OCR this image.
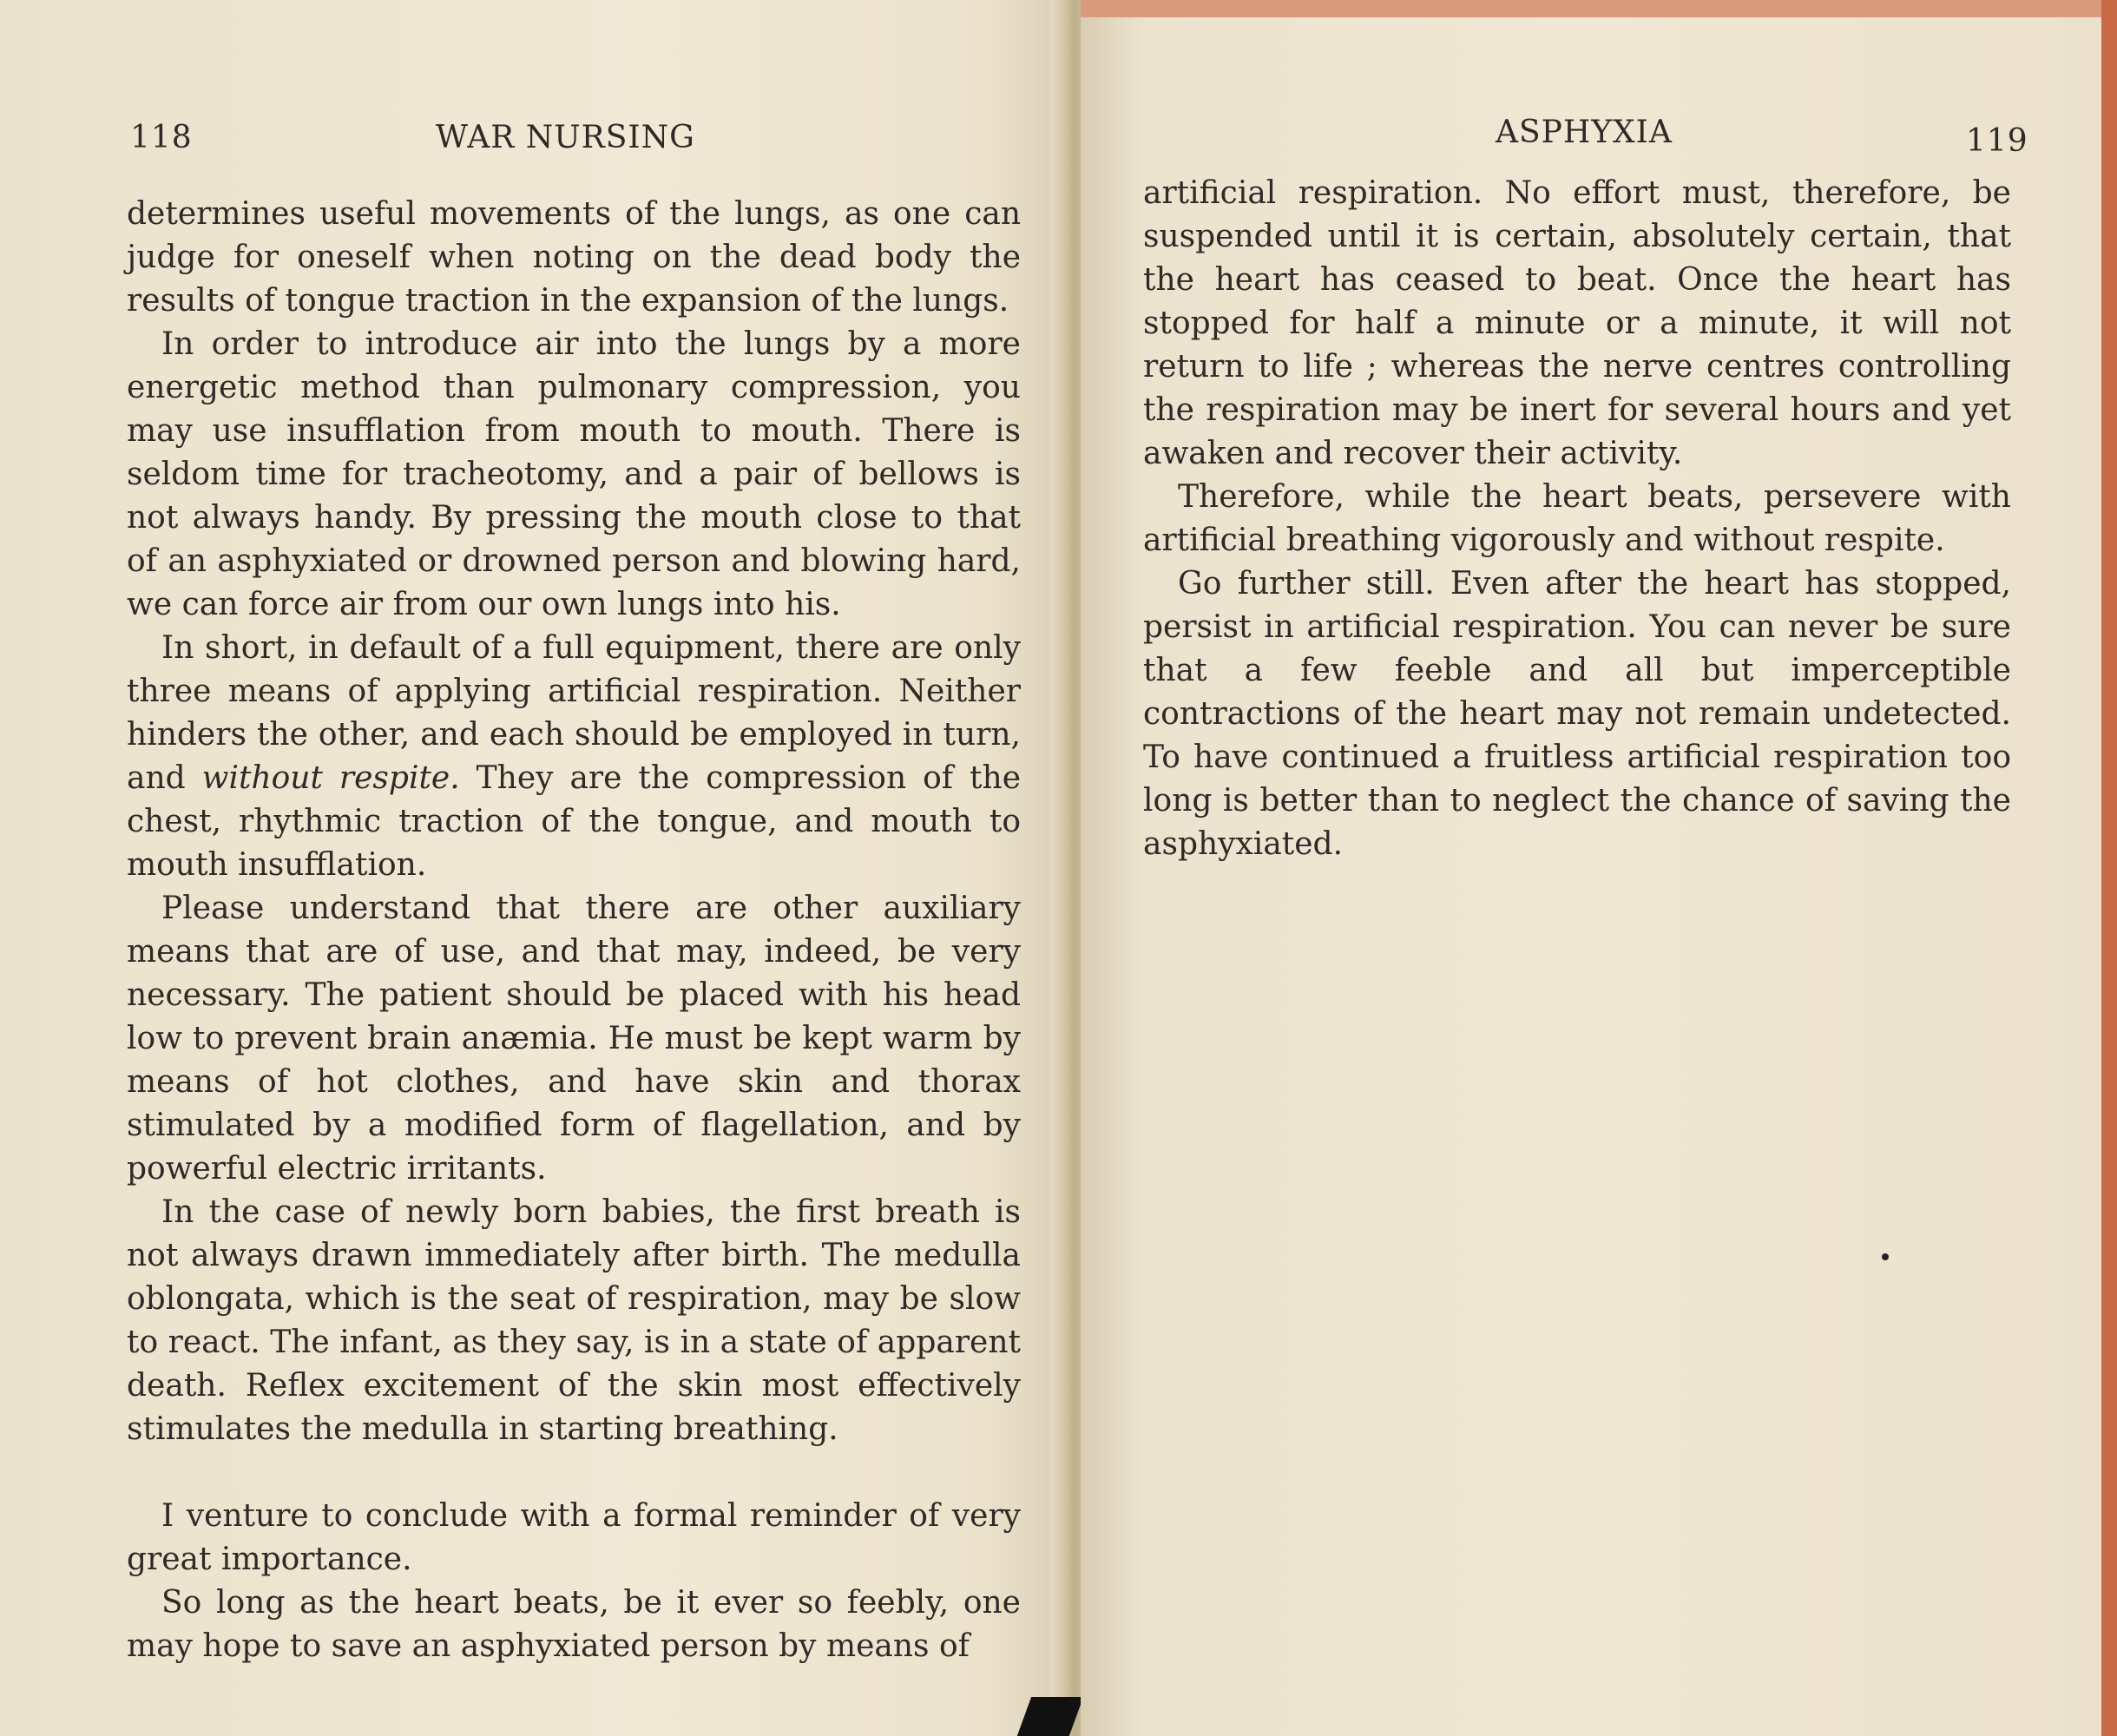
118	WAR NURSING

determines useful movements of the lungs, as one can judge for oneself when noting on the dead body the results of tongue traction in the expansion of the lungs.

In order to introduce air into the lungs by a more energetic method than pulmonary compression, you may use insufflation from mouth to mouth. There is seldom time for tracheotomy, and a pair of bellows is not always handy. By pressing the mouth close to that of an asphyxiated or drowned person and blowing hard, we can force air from our own lungs into his.

In short, in default of a full equipment, there are only three means of applying artificial respiration. Neither hinders the other, and each should be employed in turn, and without respite. They are the compression of the chest, rhythmic traction of the tongue, and mouth to mouth insufflation.

Please understand that there are other auxiliary means that are of use, and that may, indeed, be very necessary. The patient should be placed with his head low to prevent brain anæmia. He must be kept warm by means of hot clothes, and have skin and thorax stimulated by a modified form of flagellation, and by powerful electric irritants.

In the case of newly born babies, the first breath is not always drawn immediately after birth. The medulla oblongata, which is the seat of respiration, may be slow to react. The infant, as they say, is in a state of apparent death. Reflex excitement of the skin most effectively stimulates the medulla in starting breathing.

I venture to conclude with a formal reminder of very great importance.

So long as the heart beats, be it ever so feebly, one may hope to save an asphyxiated person by means of

ASPHYXIA	119

artificial respiration. No effort must, therefore, be suspended until it is certain, absolutely certain, that the heart has ceased to beat. Once the heart has stopped for half a minute or a minute, it will not return to life ; whereas the nerve centres controlling the respiration may be inert for several hours and yet awaken and recover their activity.

Therefore, while the heart beats, persevere with artificial breathing vigorously and without respite.

Go further still. Even after the heart has stopped, persist in artificial respiration. You can never be sure that a few feeble and all but imperceptible contractions of the heart may not remain undetected. To have continued a fruitless artificial respiration too long is better than to neglect the chance of saving the asphyxiated.
